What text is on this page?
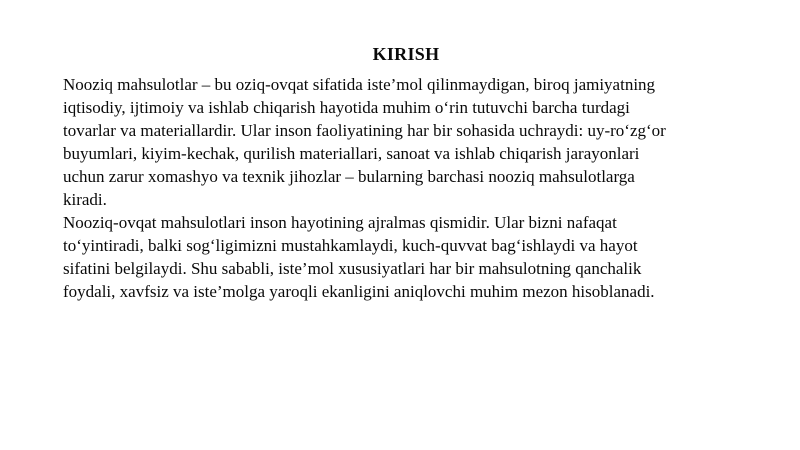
KIRISH
Nooziq mahsulotlar – bu oziq-ovqat sifatida iste’mol qilinmaydigan, biroq jamiyatning
iqtisodiy, ijtimoiy va ishlab chiqarish hayotida muhim oʻrin tutuvchi barcha turdagi
tovarlar va materiallardir. Ular inson faoliyatining har bir sohasida uchraydi: uy-roʻzgʻor
buyumlari, kiyim-kechak, qurilish materiallari, sanoat va ishlab chiqarish jarayonlari
uchun zarur xomashyo va texnik jihozlar – bularning barchasi nooziq mahsulotlarga
kiradi.
Nooziq-ovqat mahsulotlari inson hayotining ajralmas qismidir. Ular bizni nafaqat
toʻyintiradi, balki sogʻligimizni mustahkamlaydi, kuch-quvvat bagʻishlaydi va hayot
sifatini belgilaydi. Shu sababli, iste’mol xususiyatlari har bir mahsulotning qanchalik
foydali, xavfsiz va iste’molga yaroqli ekanligini aniqlovchi muhim mezon hisoblanadi.
